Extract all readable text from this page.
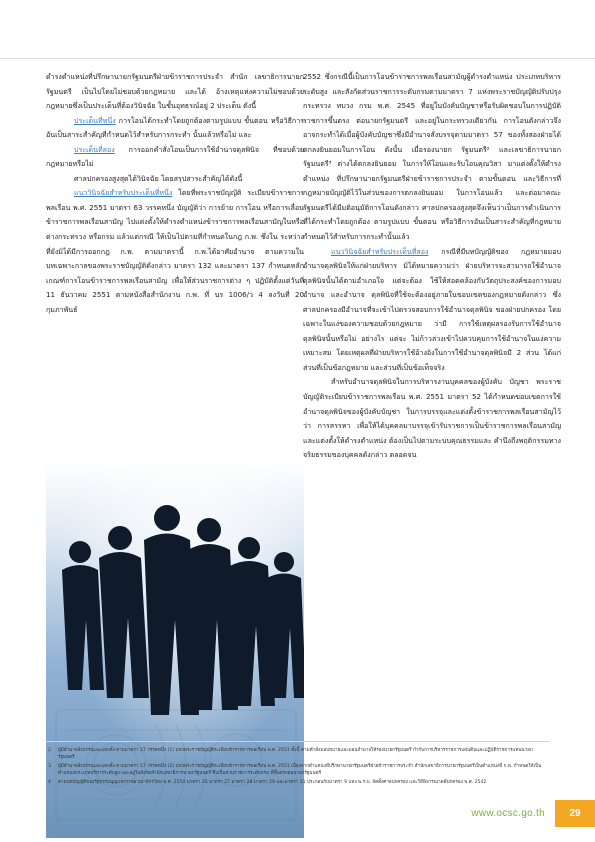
ดำรงตำแหน่งที่ปรึกษานายกรัฐมนตรีฝ่ายข้าราชการประจำ สำนัก เลขาธิการนายกรัฐมนตรี เป็นไปโดยไม่ชอบด้วยกฎหมาย และได้ อ้างเหตุแห่งความไม่ชอบด้วยกฎหมายซึ่งเป็นประเด็นที่ต้องวินิจฉัย ในชั้นอุทธรณ์อยู่ 2 ประเด็น ดังนี้

ประเด็นที่หนึ่ง การโอนได้กระทำโดยถูกต้องตามรูปแบบ ขั้นตอน หรือวิธีการอันเป็นสาระสำคัญที่กำหนดไว้สำหรับการกระทำ นั้นแล้วหรือไม่ และ

ประเด็นที่สอง การออกคำสั่งโอนเป็นการใช้อำนาจดุลพินิจ ที่ชอบด้วยกฎหมายหรือไม่

ศาลปกครองสูงสุดได้วินิจฉัย โดยสรุปสาระสำคัญได้ดังนี้

แนววินิจฉัยสำหรับประเด็นที่หนึ่ง โดยที่พระราชบัญญัติ ระเบียบข้าราชการพลเรือน พ.ศ. 2551 มาตรา 63 วรรคหนึ่ง บัญญัติว่า การย้าย การโอน หรือการเลื่อนข้าราชการพลเรือนสามัญ ไปแต่งตั้งให้ดำรงตำแหน่งข้าราชการพลเรือนสามัญในหรือต่างกระทรวง หรือกรม แล้วแต่กรณี ให้เป็นไปตามที่กำหนดในกฎ ก.พ. ซึ่งใน ระหว่างที่ยังมิได้มีการออกกฎ ก.พ. ตามมาตรานี้ ก.พ.ได้อาศัยอำนาจ ตามความในบทเฉพาะกาลของพระราชบัญญัติดังกล่าว มาตรา 132 และมาตรา 137 กำหนดหลักเกณฑ์การโอนข้าราชการพลเรือนสามัญ เพื่อให้ส่วนราชการต่าง ๆ ปฏิบัติตั้งแต่วันที่ 11 ธันวาคม 2551 ตามหนังสือสำนักงาน ก.พ. ที่ นร 1006/ว 4 ลงวันที่ 20 กุมภาพันธ์

2552 ซึ่งกรณีนี้เป็นการโอนข้าราชการพลเรือนสามัญผู้ดำรงตำแหน่ง ประเภทบริหารระดับสูง และสังกัดส่วนราชการระดับกรมตามมาตรา 7 แห่งพระราชบัญญัติปรับปรุงกระทรวง ทบวง กรม พ.ศ. 2545 ที่อยู่ในบังคับบัญชาหรือรับผิดชอบในการปฏิบัติราชการขึ้นตรง ต่อนายกรัฐมนตรี และอยู่ในกระทรวงเดียวกัน การโอนดังกล่าวจึง อาจกระทำได้เมื่อผู้บังคับบัญชาซึ่งมีอำนาจสั่งบรรจุตามมาตรา 57 ของทั้งสองฝ่ายได้ตกลงยินยอมในการโอน ดังนั้น เมื่อรองนายก รัฐมนตรี² และเลขาธิการนายกรัฐมนตรี³ ต่างได้ตกลงยินยอม ในการให้โอนและรับโอนคุณวิสา มาแต่งตั้งให้ดำรงตำแหน่ง ที่ปรึกษานายกรัฐมนตรีฝ่ายข้าราชการประจำ ตามขั้นตอน และวิธีการที่กฎหมายบัญญัติไว้ในส่วนของการตกลงยินยอม ในการโอนแล้ว และต่อมาคณะรัฐมนตรีได้มีมติอนุมัติการโอนดังกล่าว ศาลปกครองสูงสุดจึงเห็นว่าเป็นการดำเนินการที่ได้กระทำโดยถูกต้อง ตามรูปแบบ ขั้นตอน หรือวิธีการอันเป็นสาระสำคัญที่กฎหมาย กำหนดไว้สำหรับการกระทำนั้นแล้ว

แนววินิจฉัยสำหรับประเด็นที่สอง กรณีที่มีบทบัญญัติของ กฎหมายมอบอำนาจดุลพินิจให้แก่ฝ่ายบริหาร มิได้หมายความว่า ฝ่ายบริหารจะสามารถใช้อำนาจดุลพินิจนั้นได้ตามอำเภอใจ แต่จะต้อง ใช้ให้สอดคล้องกับวัตถุประสงค์ของการมอบอำนาจ และอำนาจ ดุลพินิจที่ใช้จะต้องอยู่ภายในขอบเขตของกฎหมายดังกล่าว ซึ่ง ศาลปกครองมีอำนาจที่จะเข้าไปตรวจสอบการใช้อำนาจดุลพินิจ ของฝ่ายปกครอง โดยเฉพาะในแง่ของความชอบด้วยกฎหมาย ว่ามี การใช้เหตุผลรองรับการใช้อำนาจดุลพินิจนั้นหรือไม่ อย่างไร แต่จะ ไม่ก้าวล่วงเข้าไปควบคุมการใช้อำนาจในแง่ความเหมาะสม โดยเหตุผลที่ฝ่ายบริหารใช้อ้างอิงในการใช้อำนาจดุลพินิจมี 2 ส่วน ได้แก่ ส่วนที่เป็นข้อกฎหมาย และส่วนที่เป็นข้อเท็จจริง

สำหรับอำนาจดุลพินิจในการบริหารงานบุคคลของผู้บังคับ บัญชา พระราชบัญญัติระเบียบข้าราชการพลเรือน พ.ศ. 2551 มาตรา 52 ได้กำหนดขอบเขตการใช้อำนาจดุลพินิจของผู้บังคับบัญชา ในการบรรจุและแต่งตั้งข้าราชการพลเรือนสามัญไว้ว่า การสรรหา เพื่อให้ได้บุคคลมาบรรจุเข้ารับราชการเป็นข้าราชการพลเรือนสามัญ และแต่งตั้งให้ดำรงตำแหน่ง ต้องเป็นไปตามระบบคุณธรรมและ คำนึงถึงพฤติกรรมทางจริยธรรมของบุคคลดังกล่าว ตลอดจน

2 ผู้มีอำนาจสั่งบรรจุและแต่งตั้ง ตามมาตรา 57 วรรคหนึ่ง (1) แห่งพระราชบัญญัติระเบียบข้าราชการพลเรือน พ.ศ. 2551 ทั้งนี้ ตามคำสั่งมอบหมายและมอบอำนาจให้รองนายกรัฐมนตรี กำกับการบริหารราชการแผ่นดินและปฏิบัติราชการแทนนายกรัฐมนตรี
3 ผู้มีอำนาจสั่งบรรจุและแต่งตั้ง ตามมาตรา 57 วรรคหนึ่ง (2) แห่งพระราชบัญญัติระเบียบข้าราชการพลเรือน พ.ศ. 2551 เนื่องจากตำแหน่งที่ปรึกษานายกรัฐมนตรีฝ่ายข้าราชการประจำ สำนักเลขาธิการนายกรัฐมนตรีเป็นตำแหน่งที่ ก.พ. กำหนดให้เป็นตำแหน่งประเภทบริหารระดับสูง และอยู่ในสังกัดสำนักเลขาธิการนายกรัฐมนตรี ซึ่งเป็นส่วนราชการระดับกรม ที่ขึ้นตรงต่อนายกรัฐมนตรี
4 ตามบทบัญญัติของรัฐธรรมนูญแห่งราชอาณาจักรไทย พ.ศ. 2550 มาตรา 26 มาตรา 27 มาตรา 28 มาตรา 29 และมาตรา 31 ประกอบกับมาตรา 9 แห่ง พ.ร.บ. จัดตั้งศาลปกครอง และวิธีพิจารณาคดีปกครอง พ.ศ. 2542
www.ocsc.go.th	29
